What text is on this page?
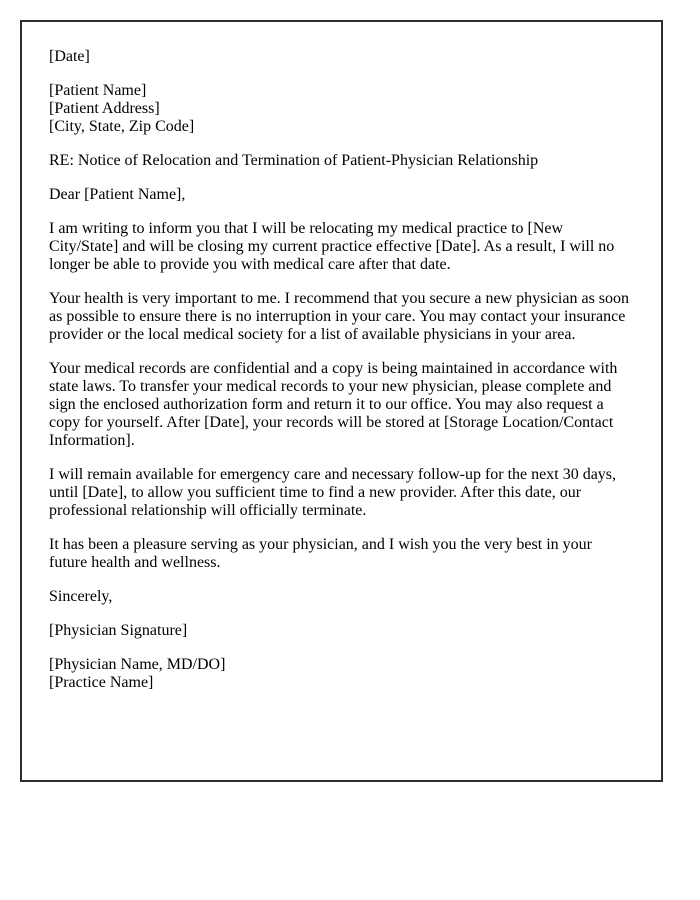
[Date]
[Patient Name]
[Patient Address]
[City, State, Zip Code]
RE: Notice of Relocation and Termination of Patient-Physician Relationship
Dear [Patient Name],
I am writing to inform you that I will be relocating my medical practice to [New City/State] and will be closing my current practice effective [Date]. As a result, I will no longer be able to provide you with medical care after that date.
Your health is very important to me. I recommend that you secure a new physician as soon as possible to ensure there is no interruption in your care. You may contact your insurance provider or the local medical society for a list of available physicians in your area.
Your medical records are confidential and a copy is being maintained in accordance with state laws. To transfer your medical records to your new physician, please complete and sign the enclosed authorization form and return it to our office. You may also request a copy for yourself. After [Date], your records will be stored at [Storage Location/Contact Information].
I will remain available for emergency care and necessary follow-up for the next 30 days, until [Date], to allow you sufficient time to find a new provider. After this date, our professional relationship will officially terminate.
It has been a pleasure serving as your physician, and I wish you the very best in your future health and wellness.
Sincerely,
[Physician Signature]
[Physician Name, MD/DO]
[Practice Name]
